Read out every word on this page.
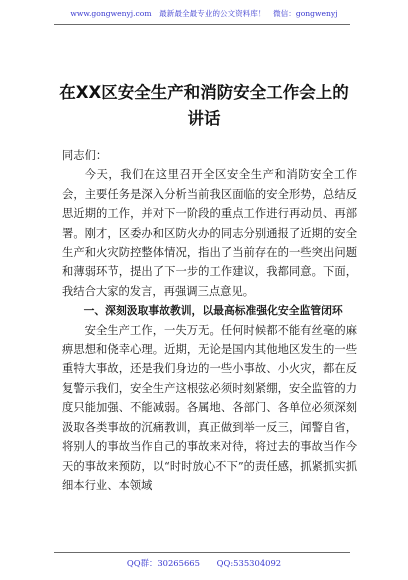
www.gongwenyj.com　最新最全最专业的公文资料库！　微信：gongwenyj
在XX区安全生产和消防安全工作会上的
讲话

同志们：

今天，我们在这里召开全区安全生产和消防安全工作会，主要任务是深入分析当前我区面临的安全形势，总结反思近期的工作，并对下一阶段的重点工作进行再动员、再部署。刚才，区委办和区防火办的同志分别通报了近期的安全生产和火灾防控整体情况，指出了当前存在的一些突出问题和薄弱环节，提出了下一步的工作建议，我都同意。下面，我结合大家的发言，再强调三点意见。

一、深刻汲取事故教训，以最高标准强化安全监管闭环

安全生产工作，一失万无。任何时候都不能有丝毫的麻痹思想和侥幸心理。近期，无论是国内其他地区发生的一些重特大事故，还是我们身边的一些小事故、小火灾，都在反复警示我们，安全生产这根弦必须时刻紧绷，安全监管的力度只能加强、不能减弱。各属地、各部门、各单位必须深刻汲取各类事故的沉痛教训，真正做到举一反三，闻警自省，将别人的事故当作自己的事故来对待，将过去的事故当作今天的事故来预防，以“时时放心不下”的责任感，抓紧抓实抓细本行业、本领域

QQ群：30265665 QQ:535304092
